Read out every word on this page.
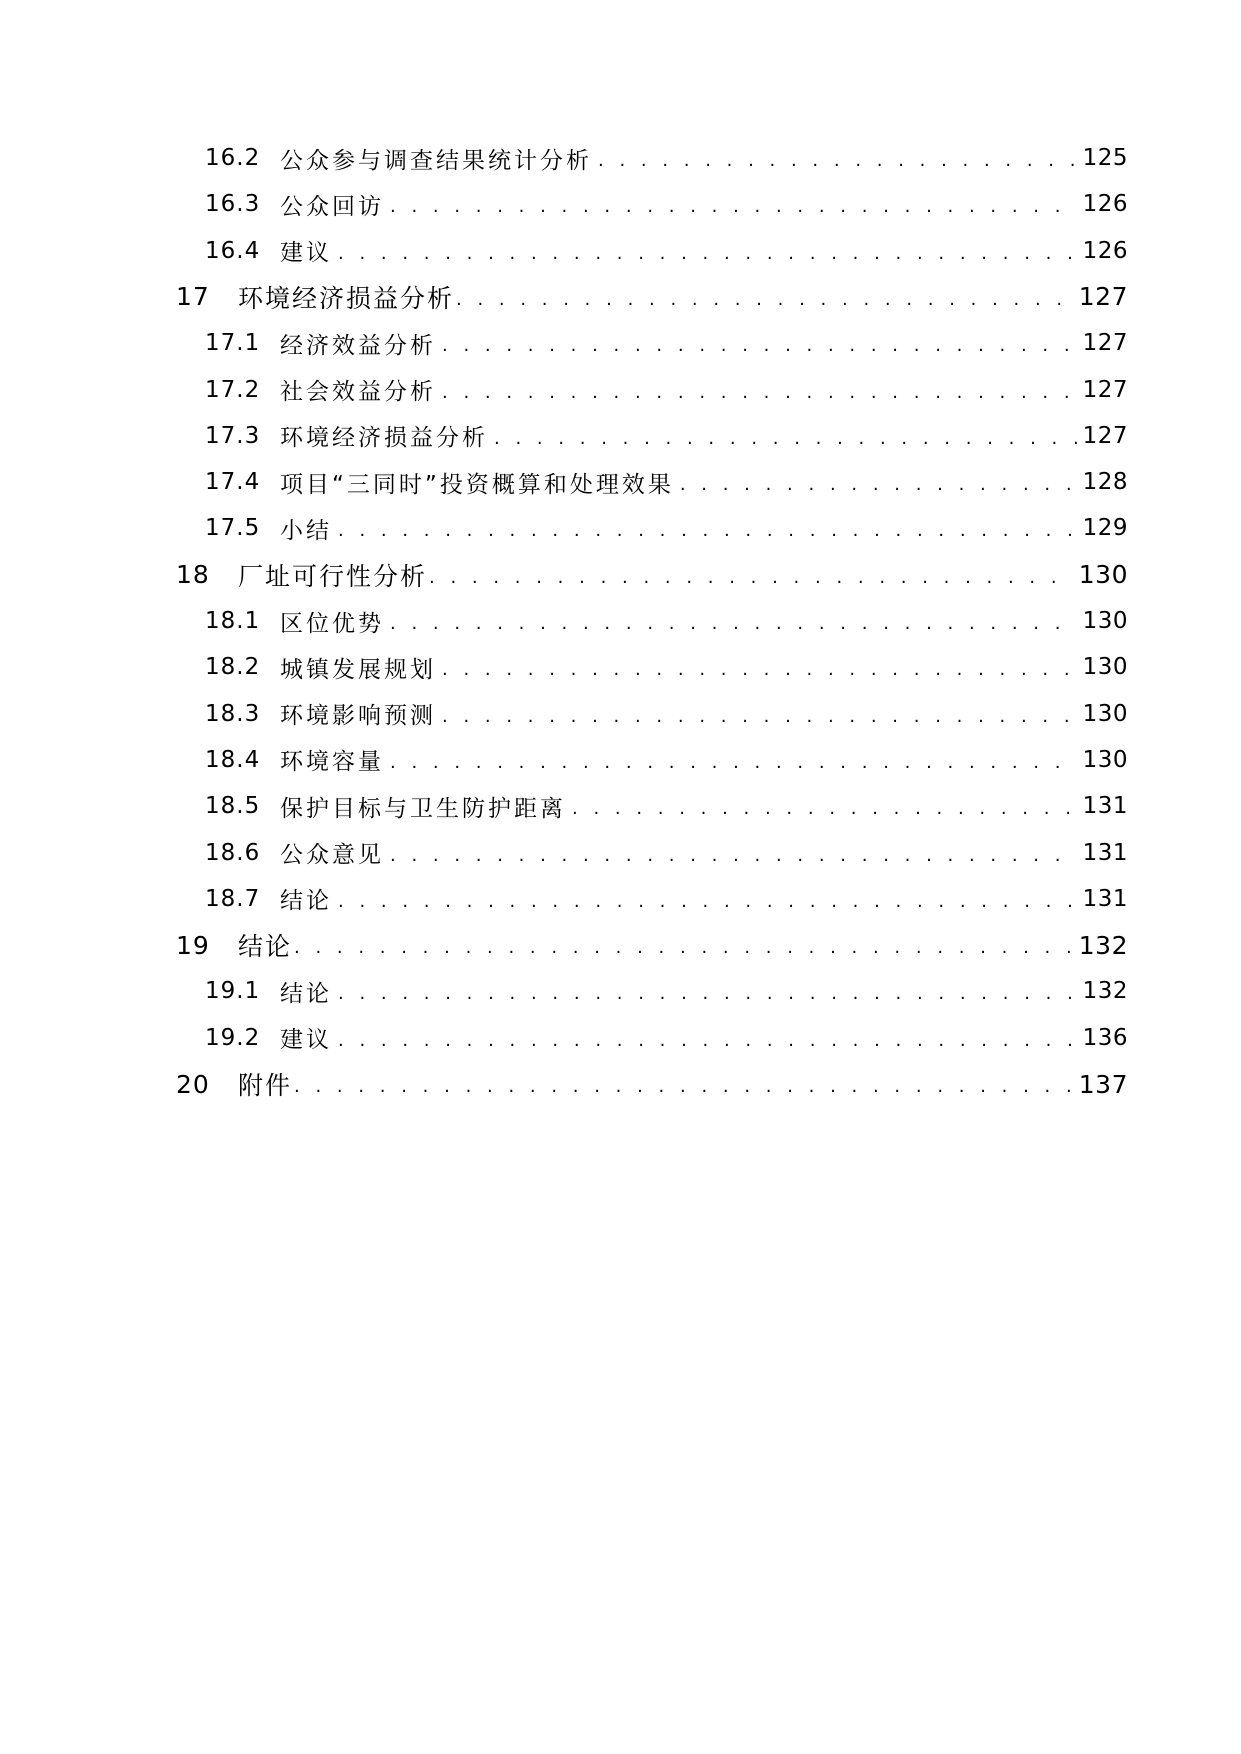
16.2 公众参与调查结果统计分析 . . .	125
16.3 公众回访 . . .	126
16.4 建议 . . .	126
17	环境经济损益分析 . . .	127
17.1 经济效益分析 . . .	127
17.2 社会效益分析 . . .	127
17.3 环境经济损益分析 . . .	127
17.4 项目“三同时”投资概算和处理效果 . . .	128
17.5 小结 . . .	129
18	厂址可行性分析 . . .	130
18.1 区位优势 . . .	130
18.2 城镇发展规划 . . .	130
18.3 环境影响预测 . . .	130
18.4 环境容量 . . .	130
18.5 保护目标与卫生防护距离 . . .	131
18.6 公众意见 . . .	131
18.7 结论 . . .	131
19	结论 . . .	132
19.1 结论 . . .	132
19.2 建议 . . .	136
20	附件 . . .	137
